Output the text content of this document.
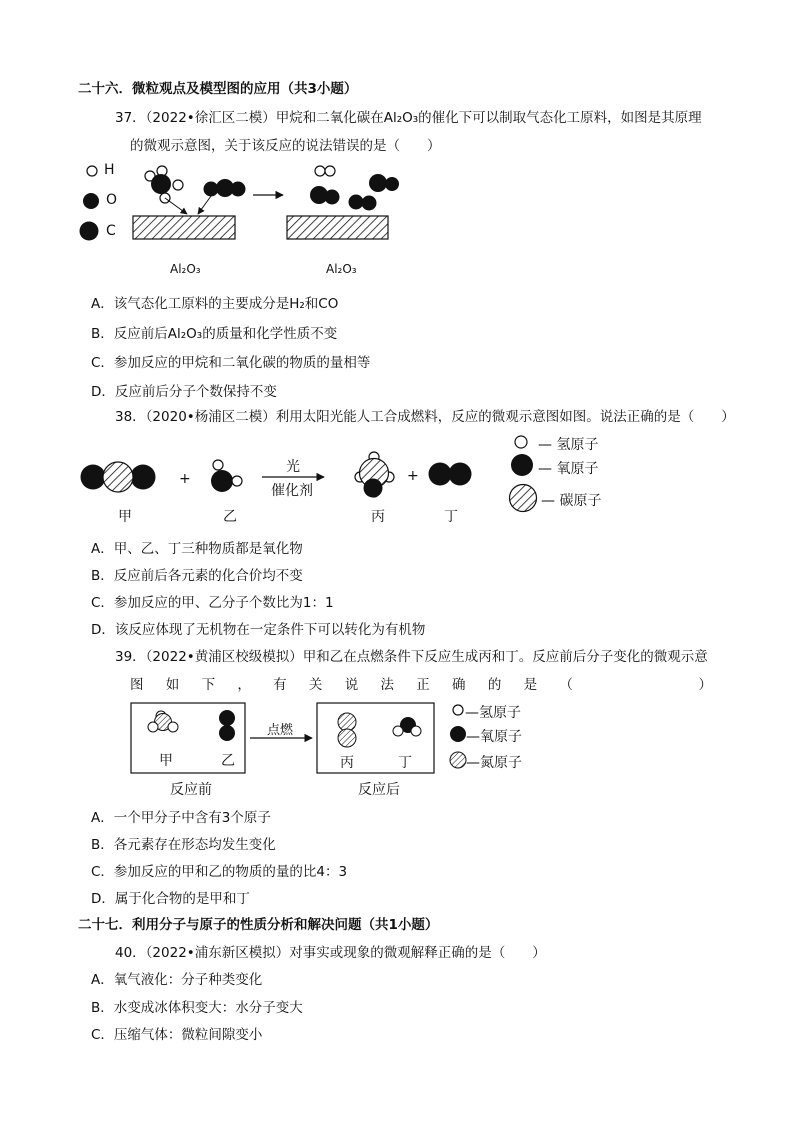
二十六．微粒观点及模型图的应用（共3小题）
37．（2022•徐汇区二模）甲烷和二氧化碳在Al₂O₃的催化下可以制取气态化工原料，如图是其原理
的微观示意图，关于该反应的说法错误的是（　　）
H
O
C
Al₂O₃	Al₂O₃
A．该气态化工原料的主要成分是H₂和CO
B．反应前后Al₂O₃的质量和化学性质不变
C．参加反应的甲烷和二氧化碳的物质的量相等
D．反应前后分子个数保持不变
38．（2020•杨浦区二模）利用太阳光能人工合成燃料，反应的微观示意图如图。说法正确的是（　　）
+	+
光
催化剂
甲	乙	丙	丁
— 氢原子
— 氧原子
— 碳原子
A．甲、乙、丁三种物质都是氧化物
B．反应前后各元素的化合价均不变
C．参加反应的甲、乙分子个数比为1：1
D．该反应体现了无机物在一定条件下可以转化为有机物
39．（2022•黄浦区校级模拟）甲和乙在点燃条件下反应生成丙和丁。反应前后分子变化的微观示意
图 如 下 ， 有 关 说 法 正 确 的 是 （
　　　　　　	）
点燃
甲	乙	丙	丁
反应前	反应后
—氢原子
—氧原子
—氮原子
A．一个甲分子中含有3个原子
B．各元素存在形态均发生变化
C．参加反应的甲和乙的物质的量的比4：3
D．属于化合物的是甲和丁
二十七．利用分子与原子的性质分析和解决问题（共1小题）
40．（2022•浦东新区模拟）对事实或现象的微观解释正确的是（　　）
A．氧气液化：分子种类变化
B．水变成冰体积变大：水分子变大
C．压缩气体：微粒间隙变小
